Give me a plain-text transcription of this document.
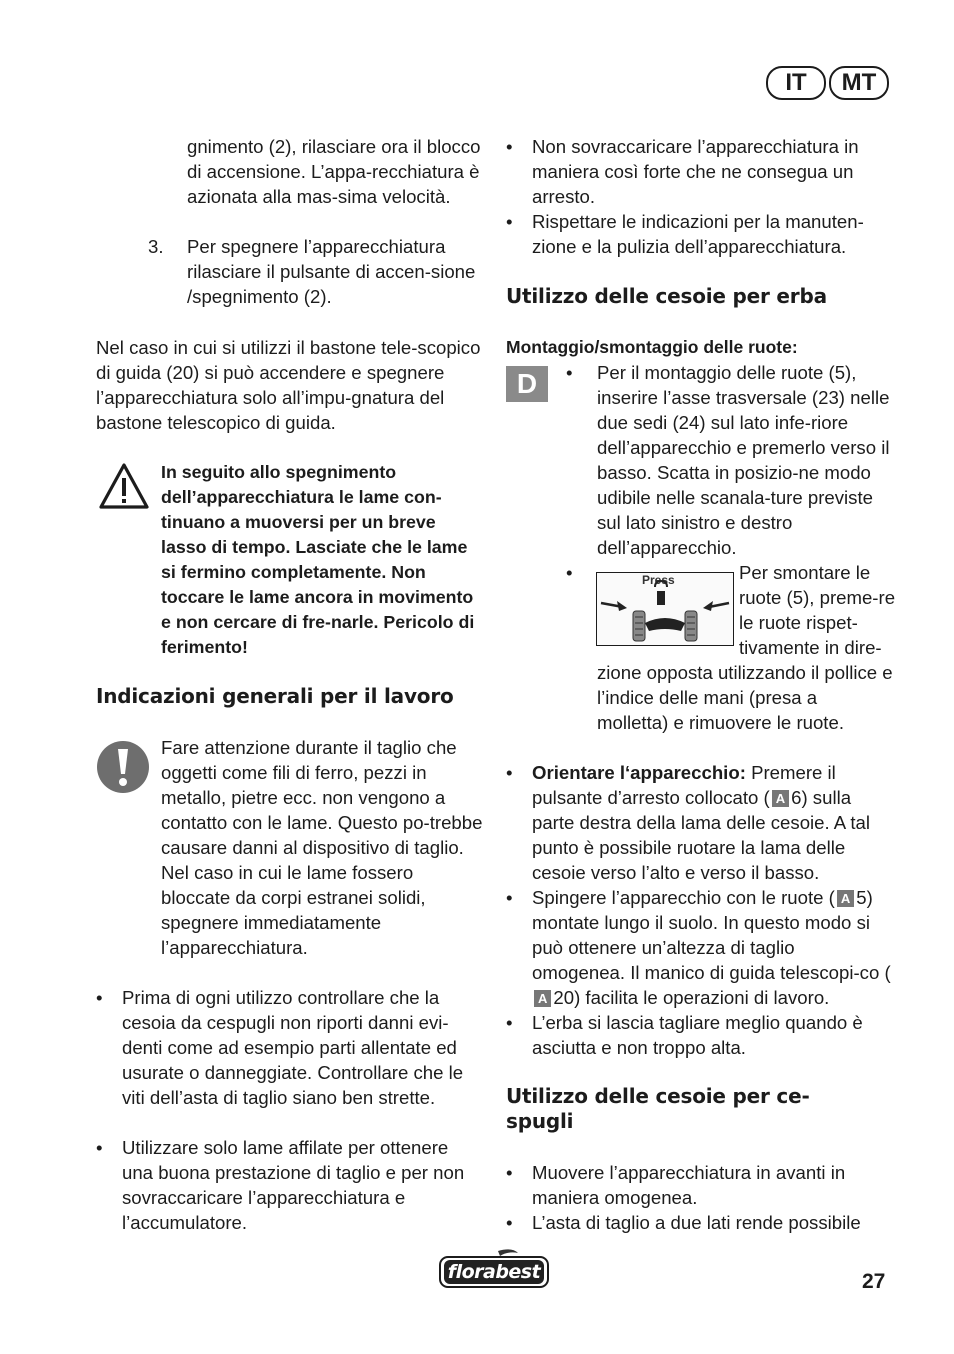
IT	MT
gnimento (2), rilasciare ora il blocco di accensione. L’appa-recchiatura è azionata alla mas-sima velocità.
3. Per spegnere l’apparecchiatura rilasciare il pulsante di accen-sione /spegnimento (2).
Nel caso in cui si utilizzi il bastone tele-scopico di guida (20) si può accendere e spegnere l’apparecchiatura solo all’impu-gnatura del bastone telescopico di guida.
In seguito allo spegnimento dell’apparecchiatura le lame con-tinuano a muoversi per un breve lasso di tempo. Lasciate che le lame si fermino completamente. Non toccare le lame ancora in movimento e non cercare di fre-narle. Pericolo di ferimento!
Indicazioni generali per il lavoro
Fare attenzione durante il taglio che oggetti come fili di ferro, pezzi in metallo, pietre ecc. non vengono a contatto con le lame. Questo po-trebbe causare danni al dispositivo di taglio. Nel caso in cui le lame fossero bloccate da corpi estranei solidi, spegnere immediatamente l’apparecchiatura.
• Prima di ogni utilizzo controllare che la cesoia da cespugli non riporti danni evi-denti come ad esempio parti allentate ed usurate o danneggiate. Controllare che le viti dell’asta di taglio siano ben strette.
• Utilizzare solo lame affilate per ottenere una buona prestazione di taglio e per non sovraccaricare l’apparecchiatura e l’accumulatore.
• Non sovraccaricare l’apparecchiatura in maniera così forte che ne consegua un arresto.
• Rispettare le indicazioni per la manuten-zione e la pulizia dell’apparecchiatura.
Utilizzo delle cesoie per erba
Montaggio/smontaggio delle ruote:
D	• Per il montaggio delle ruote (5), inserire l’asse trasversale (23) nelle due sedi (24) sul lato infe-riore dell’apparecchio e premerlo verso il basso. Scatta in posizio-ne modo udibile nelle scanala-ture previste sul lato sinistro e destro dell’apparecchio.
•	Press	Per smontare le ruote (5), preme-re le ruote rispet-tivamente in dire-
zione opposta utilizzando il pollice e l’indice delle mani (presa a molletta) e rimuovere le ruote.
• Orientare l‘apparecchio: Premere il pulsante d’arresto collocato ( A 6) sulla parte destra della lama delle cesoie. A tal punto è possibile ruotare la lama delle cesoie verso l’alto e verso il basso.
• Spingere l’apparecchio con le ruote ( A 5) montate lungo il suolo. In questo modo si può ottenere un’altezza di taglio omogenea. Il manico di guida telescopi-co (A 20) facilita le operazioni di lavoro.
• L’erba si lascia tagliare meglio quando è asciutta e non troppo alta.
Utilizzo delle cesoie per ce-spugli
• Muovere l’apparecchiatura in avanti in maniera omogenea.
• L’asta di taglio a due lati rende possibile
florabest	27
